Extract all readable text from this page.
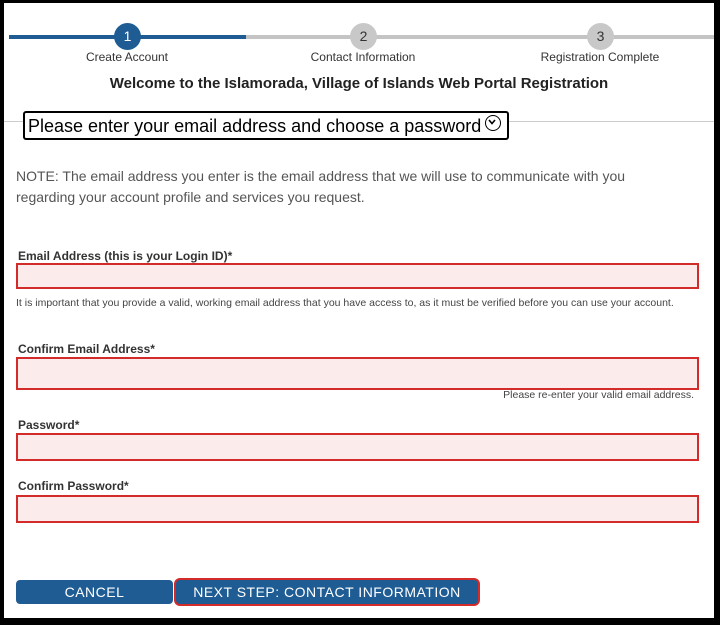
1
Create Account
2
Contact Information
3
Registration Complete
Welcome to the Islamorada, Village of Islands Web Portal Registration
Please enter your email address and choose a password
NOTE: The email address you enter is the email address that we will use to communicate with you regarding your account profile and services you request.
Email Address (this is your Login ID)*
It is important that you provide a valid, working email address that you have access to, as it must be verified before you can use your account.
Confirm Email Address*
Please re-enter your valid email address.
Password*
Confirm Password*
CANCEL	NEXT STEP: CONTACT INFORMATION
